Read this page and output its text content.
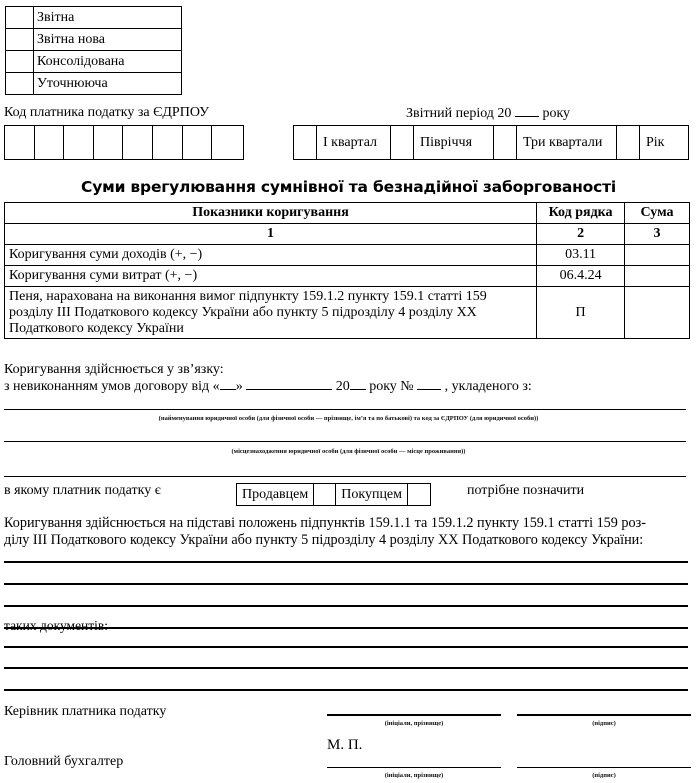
	Звітна
	Звітна нова
	Консолідована
	Уточнююча
Код платника податку за ЄДРПОУ	Звітний період 20 року
І квартал	Півріччя	Три квартали	Рік
Суми врегулювання сумнівної та безнадійної заборгованості
Показники коригування	Код рядка	Сума
1	2	3
Коригування суми доходів (+, −)	03.11	
Коригування суми витрат (+, −)	06.4.24	
Пеня, нарахована на виконання вимог підпункту 159.1.2 пункту 159.1 статті 159 розділу ІІІ Податкового кодексу України або пункту 5 підрозділу 4 розділу ХХ Податкового кодексу України	П	
Коригування здійснюється у зв’язку:
з невиконанням умов договору від « »	20 року № , укладеного з:
(найменування юридичної особи (для фізичної особи — прізвище, ім’я та по батькові) та код за ЄДРПОУ (для юридичної особи))
(місцезнаходження юридичної особи (для фізичної особи — місце проживання))
в якому платник податку є	Продавцем	Покупцем	потрібне позначити
Коригування здійснюється на підставі положень підпунктів 159.1.1 та 159.1.2 пункту 159.1 статті 159 роз-
ділу ІІІ Податкового кодексу України або пункту 5 підрозділу 4 розділу ХХ Податкового кодексу України:
таких документів:
Керівник платника податку
(ініціали, прізвище)	(підпис)
М. П.
Головний бухгалтер
(ініціали, прізвище)	(підпис)
